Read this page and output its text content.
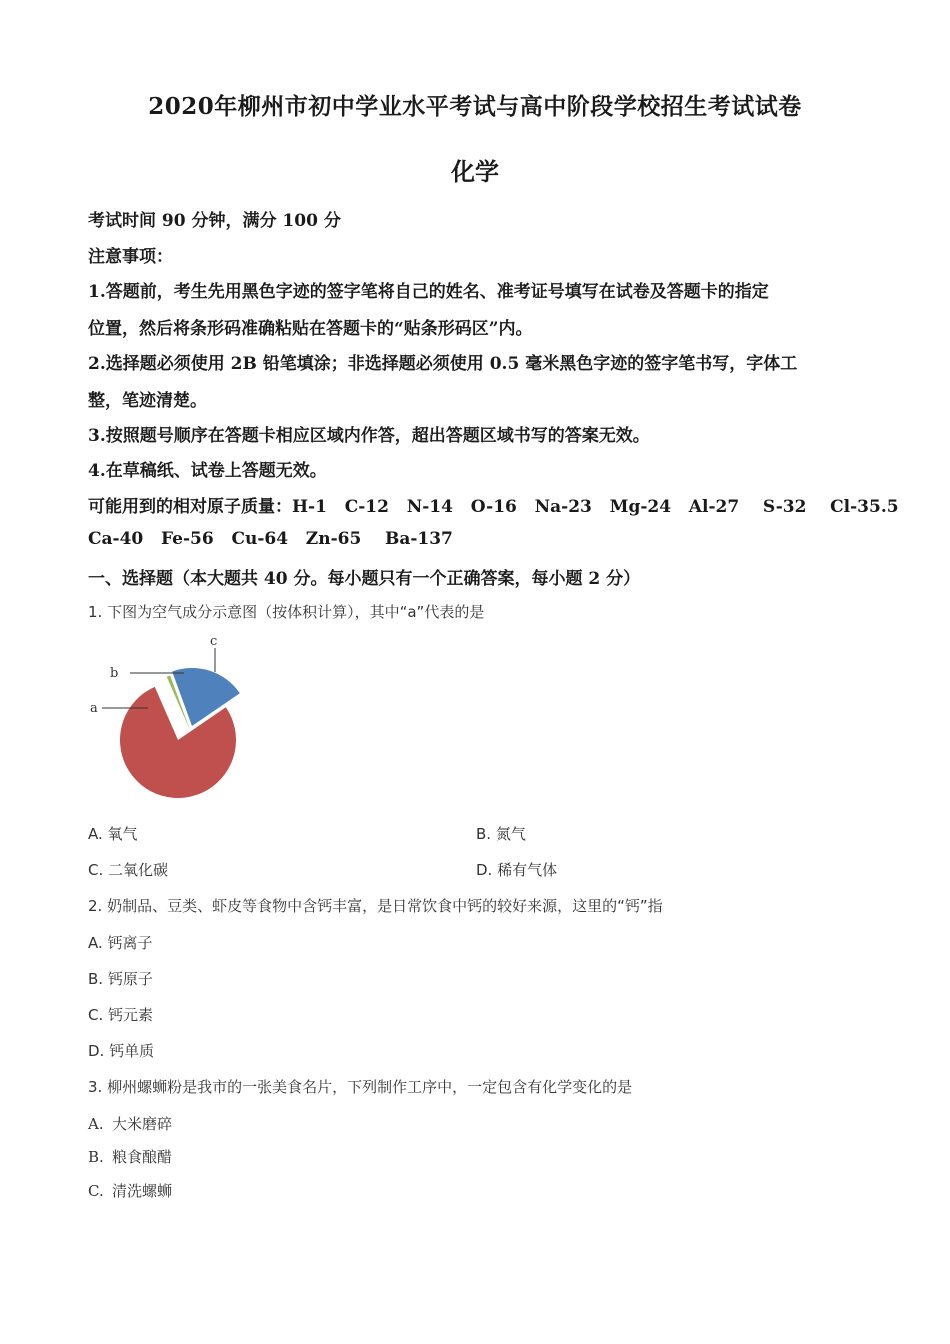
2020年柳州市初中学业水平考试与高中阶段学校招生考试试卷
化学
考试时间 90 分钟，满分 100 分
注意事项：
1.答题前，考生先用黑色字迹的签字笔将自己的姓名、准考证号填写在试卷及答题卡的指定
位置，然后将条形码准确粘贴在答题卡的“贴条形码区”内。
2.选择题必须使用 2B 铅笔填涂；非选择题必须使用 0.5 毫米黑色字迹的签字笔书写，字体工
整，笔迹清楚。
3.按照题号顺序在答题卡相应区域内作答，超出答题区域书写的答案无效。
4.在草稿纸、试卷上答题无效。
可能用到的相对原子质量：H-1   C-12   N-14   O-16   Na-23   Mg-24   Al-27    S-32    Cl-35.5
Ca-40   Fe-56   Cu-64   Zn-65    Ba-137
一、选择题（本大题共 40 分。每小题只有一个正确答案，每小题 2 分）
1. 下图为空气成分示意图（按体积计算），其中“a”代表的是
a
b
c
A. 氧气	B. 氮气
C. 二氧化碳	D. 稀有气体
2. 奶制品、豆类、虾皮等食物中含钙丰富，是日常饮食中钙的较好来源，这里的“钙”指
A. 钙离子
B. 钙原子
C. 钙元素
D. 钙单质
3. 柳州螺蛳粉是我市的一张美食名片，下列制作工序中，一定包含有化学变化的是
A. 大米磨碎
B. 粮食酿醋
C. 清洗螺蛳
